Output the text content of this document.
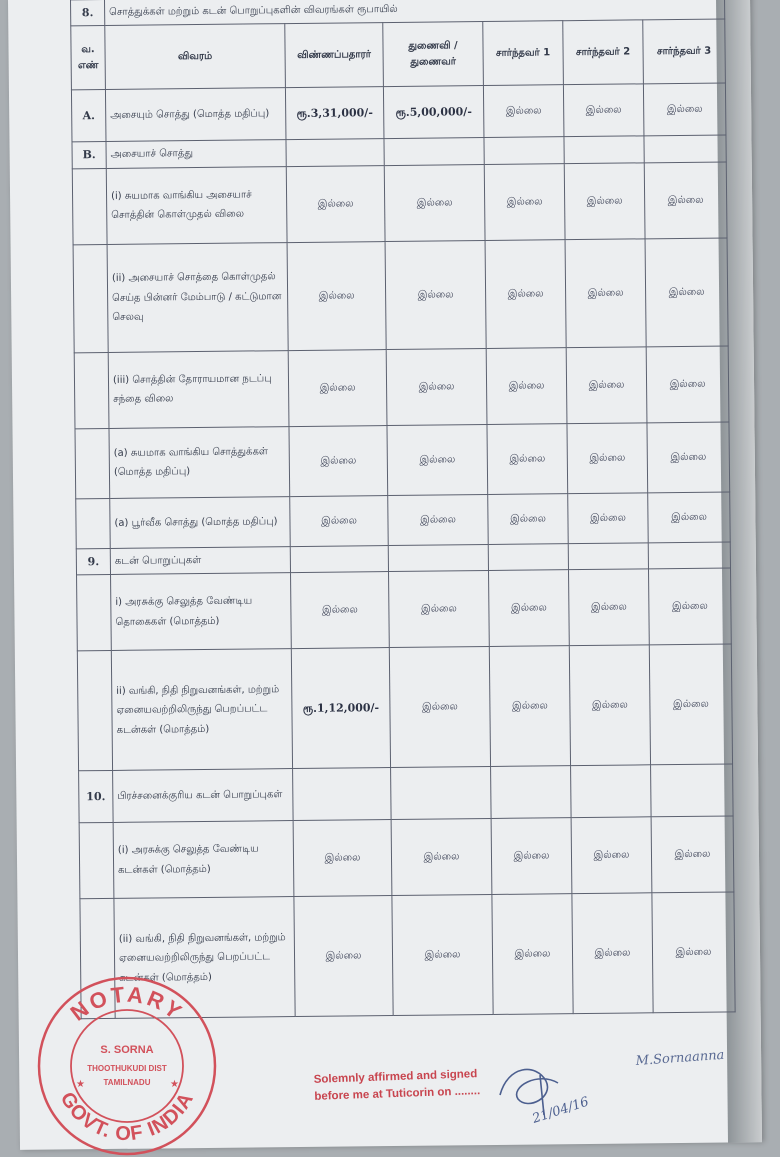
8.	சொத்துக்கள் மற்றும் கடன் பொறுப்புகளின் விவரங்கள் ரூபாயில்					
வ. எண்	விவரம்	விண்ணப்பதாரர்	துணைவி / துணைவர்	சார்ந்தவர் 1	சார்ந்தவர் 2	சார்ந்தவர் 3
A.	அசையும் சொத்து (மொத்த மதிப்பு)	ரூ.3,31,000/-	ரூ.5,00,000/-	இல்லை	இல்லை	இல்லை
B.	அசையாச் சொத்து					
	(i) சுயமாக வாங்கிய அசையாச் சொத்தின் கொள்முதல் விலை	இல்லை	இல்லை	இல்லை	இல்லை	இல்லை
	(ii) அசையாச் சொத்தை கொள்முதல் செய்த பின்னர் மேம்பாடு / கட்டுமான செலவு	இல்லை	இல்லை	இல்லை	இல்லை	இல்லை
	(iii) சொத்தின் தோராயமான நடப்பு சந்தை விலை	இல்லை	இல்லை	இல்லை	இல்லை	இல்லை
	(a) சுயமாக வாங்கிய சொத்துக்கள் (மொத்த மதிப்பு)	இல்லை	இல்லை	இல்லை	இல்லை	இல்லை
	(a) பூர்வீக சொத்து (மொத்த மதிப்பு)	இல்லை	இல்லை	இல்லை	இல்லை	இல்லை
9.	கடன் பொறுப்புகள்					
	i) அரசுக்கு செலுத்த வேண்டிய தொகைகள் (மொத்தம்)	இல்லை	இல்லை	இல்லை	இல்லை	இல்லை
	ii) வங்கி, நிதி நிறுவனங்கள், மற்றும் ஏனையவற்றிலிருந்து பெறப்பட்ட கடன்கள் (மொத்தம்)	ரூ.1,12,000/-	இல்லை	இல்லை	இல்லை	இல்லை
10.	பிரச்சனைக்குரிய கடன் பொறுப்புகள்					
	(i) அரசுக்கு செலுத்த வேண்டிய கடன்கள் (மொத்தம்)	இல்லை	இல்லை	இல்லை	இல்லை	இல்லை
	(ii) வங்கி, நிதி நிறுவனங்கள், மற்றும் ஏனையவற்றிலிருந்து பெறப்பட்ட கடன்கள் (மொத்தம்)	இல்லை	இல்லை	இல்லை	இல்லை	இல்லை
NOTARY
GOVT. OF INDIA
S. SORNA
THOOTHUKUDI DIST
TAMILNADU
★	★	Solemnly affirmed and signed
before me at Tuticorin on ........
21/04/16
M.Sornaanna
